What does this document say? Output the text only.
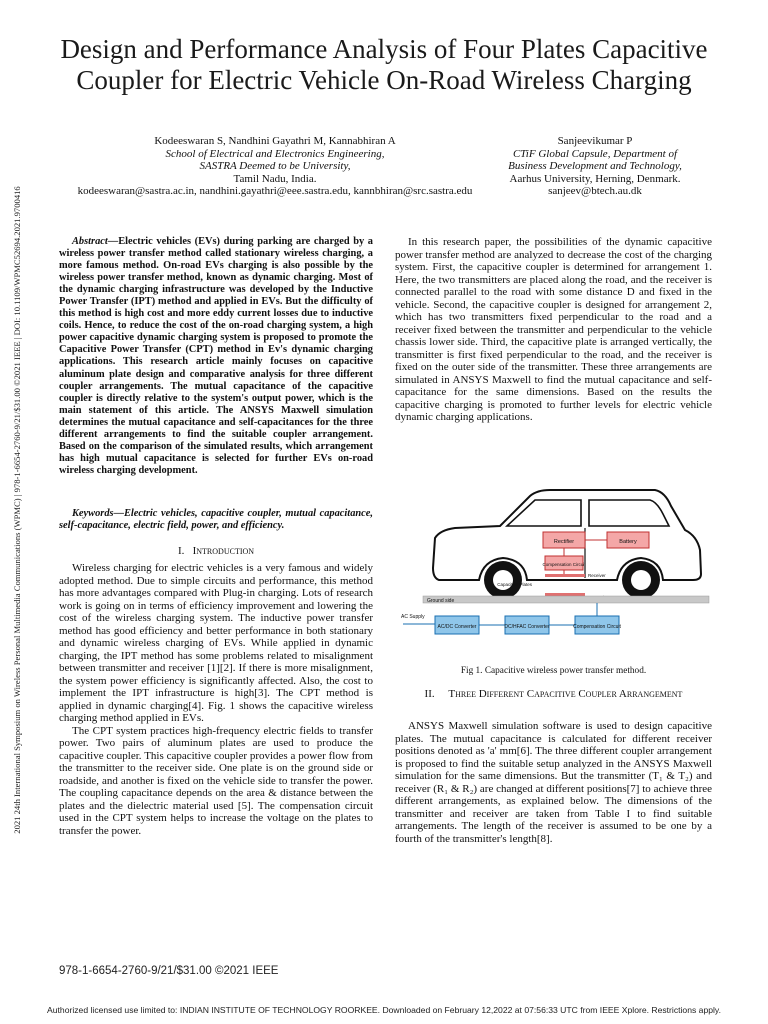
Design and Performance Analysis of Four Plates Capacitive Coupler for Electric Vehicle On-Road Wireless Charging
Kodeeswaran S, Nandhini Gayathri M, Kannabhiran A
School of Electrical and Electronics Engineering,
SASTRA Deemed to be University,
Tamil Nadu, India.
kodeeswaran@sastra.ac.in, nandhini.gayathri@eee.sastra.edu, kannbhiran@src.sastra.edu
Sanjeevikumar P
CTiF Global Capsule, Department of
Business Development and Technology,
Aarhus University, Herning, Denmark.
sanjeev@btech.au.dk
2021 24th International Symposium on Wireless Personal Multimedia Communications (WPMC) | 978-1-6654-2760-9/21/$31.00 ©2021 IEEE | DOI: 10.1109/WPMC52694.2021.9700416	Abstract—Electric vehicles (EVs) during parking are charged by a wireless power transfer method called stationary wireless charging, a more famous method. On-road EVs charging is also possible by the wireless power transfer method, known as dynamic charging. Most of the dynamic charging infrastructure was developed by the Inductive Power Transfer (IPT) method and applied in EVs. But the difficulty of this method is high cost and more eddy current losses due to inductive coils. Hence, to reduce the cost of the on-road charging system, a high power capacitive dynamic charging system is proposed to promote the Capacitive Power Transfer (CPT) method in Ev's dynamic charging applications. This research article mainly focuses on capacitive aluminum plate design and comparative analysis for three different coupler arrangements. The mutual capacitance of the capacitive coupler is directly relative to the system's output power, which is the main statement of this article. The ANSYS Maxwell simulation determines the mutual capacitance and self-capacitances for the three different arrangements to find the suitable coupler arrangement. Based on the comparison of the simulated results, which arrangement has high mutual capacitance is selected for further EVs on-road wireless charging development.

Keywords—Electric vehicles, capacitive coupler, mutual capacitance, self-capacitance, electric field, power, and efficiency.

I. Introduction

Wireless charging for electric vehicles is a very famous and widely adopted method. Due to simple circuits and performance, this method has more advantages compared with Plug-in charging. Lots of research work is going on in terms of efficiency improvement and lowering the cost of the wireless charging system. The inductive power transfer method has good efficiency and better performance in both stationary and dynamic wireless charging of EVs. While applied in dynamic charging, the IPT method has some problems related to misalignment between transmitter and receiver [1][2]. If there is more misalignment, the system power efficiency is significantly affected. Also, the cost to implement the IPT infrastructure is high[3]. The CPT method is applied in dynamic charging[4]. Fig. 1 shows the capacitive wireless charging method applied in EVs.

The CPT system practices high-frequency electric fields to transfer power. Two pairs of aluminum plates are used to produce the capacitive coupler. This capacitive coupler provides a power flow from the transmitter to the receiver side. One plate is on the ground side or roadside, and another is fixed on the vehicle side to transfer the power. The coupling capacitance depends on the area & distance between the plates and the dielectric material used [5]. The compensation circuit used in the CPT system helps to increase the voltage on the plates to transfer the power.

In this research paper, the possibilities of the dynamic capacitive power transfer method are analyzed to decrease the cost of the charging system. First, the capacitive coupler is determined for arrangement 1. Here, the two transmitters are placed along the road, and the receiver is connected parallel to the road with some distance D and fixed in the vehicle. Second, the capacitive coupler is designed for arrangement 2, which has two transmitters fixed perpendicular to the road and a receiver fixed between the transmitter and perpendicular to the vehicle chassis lower side. Third, the capacitive plate is arranged vertically, the transmitter is first fixed perpendicular to the road, and the receiver is fixed on the outer side of the transmitter. These three arrangements are simulated in ANSYS Maxwell to find the mutual capacitance and self-capacitance for the same dimensions. Based on the results the capacitive charging is promoted to further levels for electric vehicle dynamic charging applications.

Rectifier	Battery
Compensation Circuit
Receiver
Capacitive Plates
Ground side
AC Supply
AC/DC Converter	DC/HFAC Converter	Compensation Circuit
Fig 1. Capacitive wireless power transfer method.
II. Three Different Capacitive Coupler Arrangement

ANSYS Maxwell simulation software is used to design capacitive plates. The mutual capacitance is calculated for different receiver positions denoted as 'a' mm[6]. The three different coupler arrangement is proposed to find the suitable setup analyzed in the ANSYS Maxwell simulation for the same dimensions. But the transmitter (T₁ & T₂) and receiver (R₁ & R₂) are changed at different positions[7] to achieve three different arrangements, as explained below. The dimensions of the transmitter and receiver are taken from Table I to find suitable arrangements. The length of the receiver is assumed to be one by a fourth of the transmitter's length[8].

978-1-6654-2760-9/21/$31.00 ©2021 IEEE
Authorized licensed use limited to: INDIAN INSTITUTE OF TECHNOLOGY ROORKEE. Downloaded on February 12,2022 at 07:56:33 UTC from IEEE Xplore. Restrictions apply.
